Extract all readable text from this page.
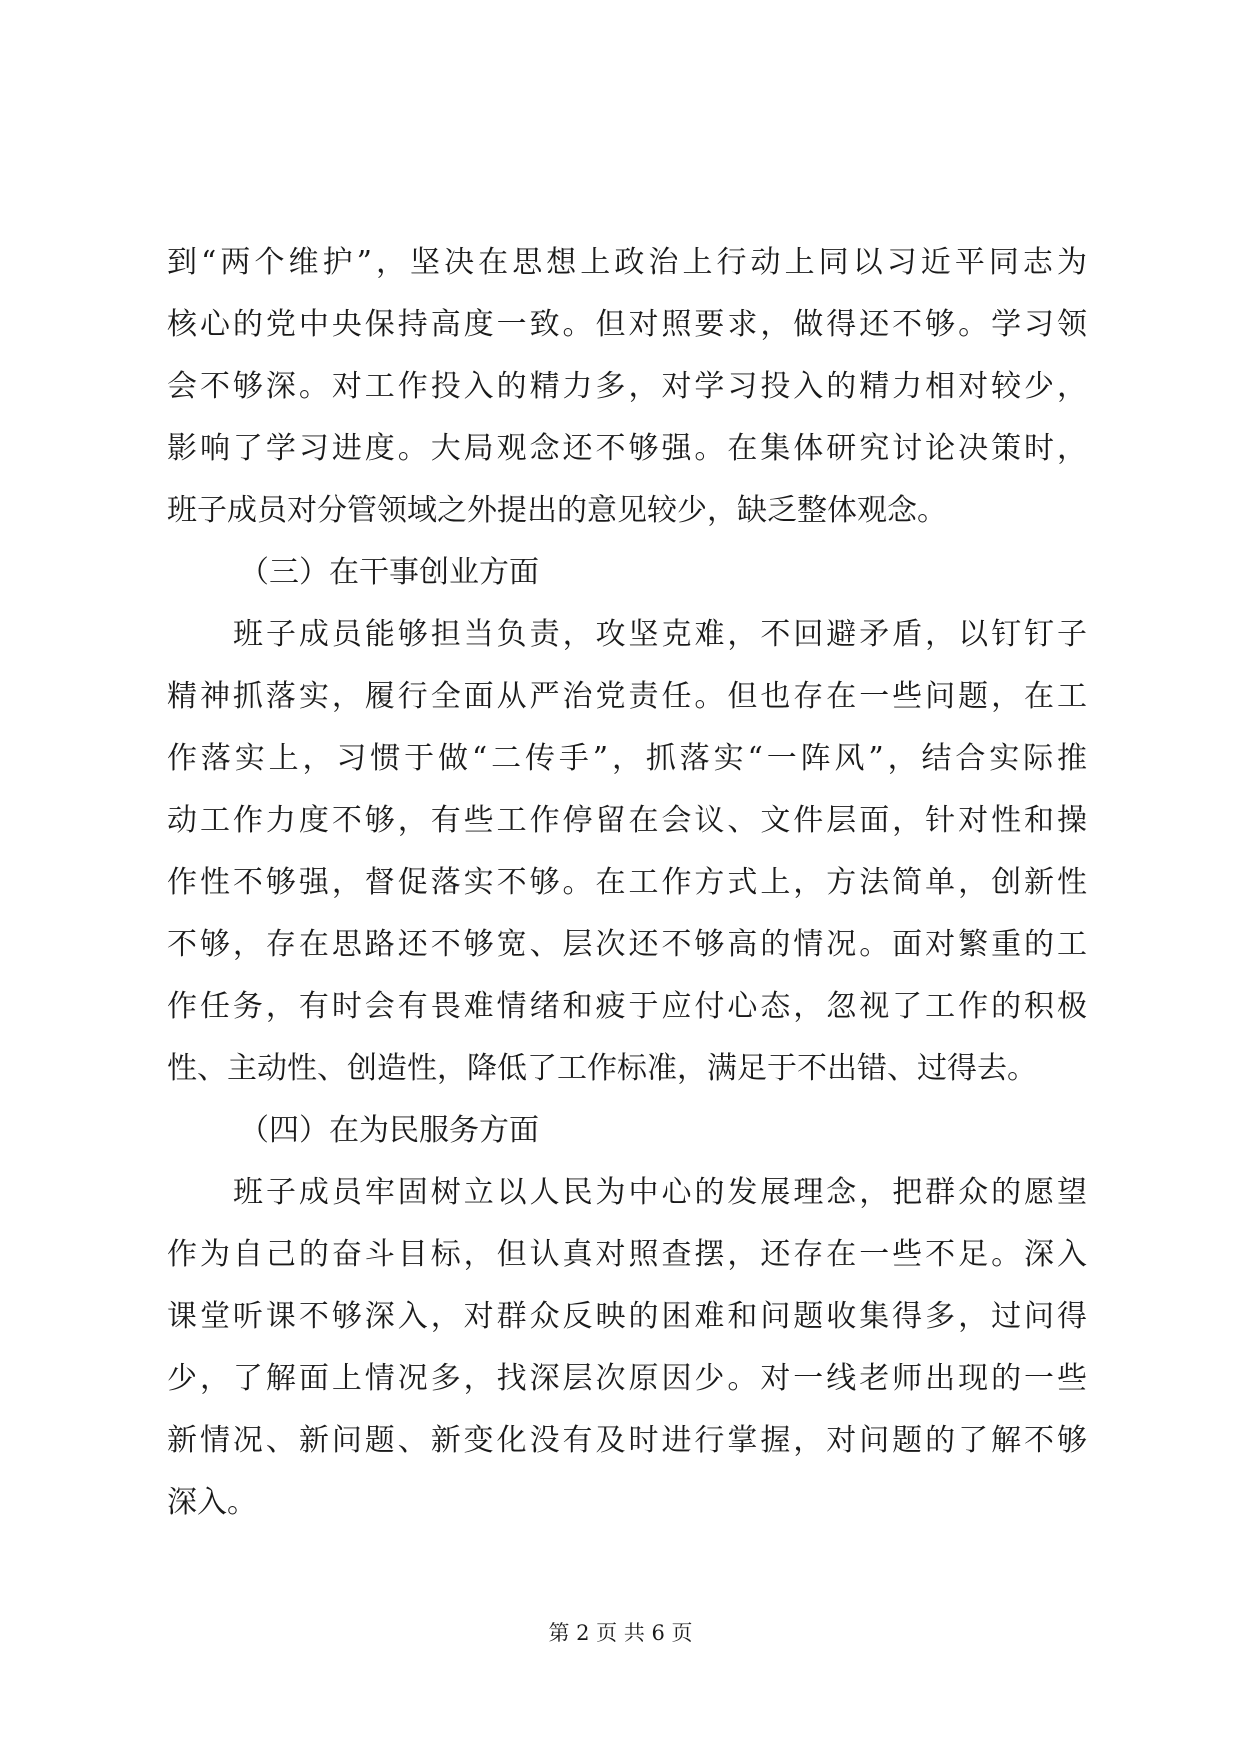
到“两个维护”，坚决在思想上政治上行动上同以习近平同志为
核心的党中央保持高度一致。但对照要求，做得还不够。学习领
会不够深。对工作投入的精力多，对学习投入的精力相对较少，
影响了学习进度。大局观念还不够强。在集体研究讨论决策时，
班子成员对分管领域之外提出的意见较少，缺乏整体观念。
（三）在干事创业方面
班子成员能够担当负责，攻坚克难，不回避矛盾，以钉钉子
精神抓落实，履行全面从严治党责任。但也存在一些问题，在工
作落实上，习惯于做“二传手”，抓落实“一阵风”，结合实际推
动工作力度不够，有些工作停留在会议、文件层面，针对性和操
作性不够强，督促落实不够。在工作方式上，方法简单，创新性
不够，存在思路还不够宽、层次还不够高的情况。面对繁重的工
作任务，有时会有畏难情绪和疲于应付心态，忽视了工作的积极
性、主动性、创造性，降低了工作标准，满足于不出错、过得去。
（四）在为民服务方面
班子成员牢固树立以人民为中心的发展理念，把群众的愿望
作为自己的奋斗目标，但认真对照查摆，还存在一些不足。深入
课堂听课不够深入，对群众反映的困难和问题收集得多，过问得
少，了解面上情况多，找深层次原因少。对一线老师出现的一些
新情况、新问题、新变化没有及时进行掌握，对问题的了解不够
深入。
第 2 页 共 6 页
